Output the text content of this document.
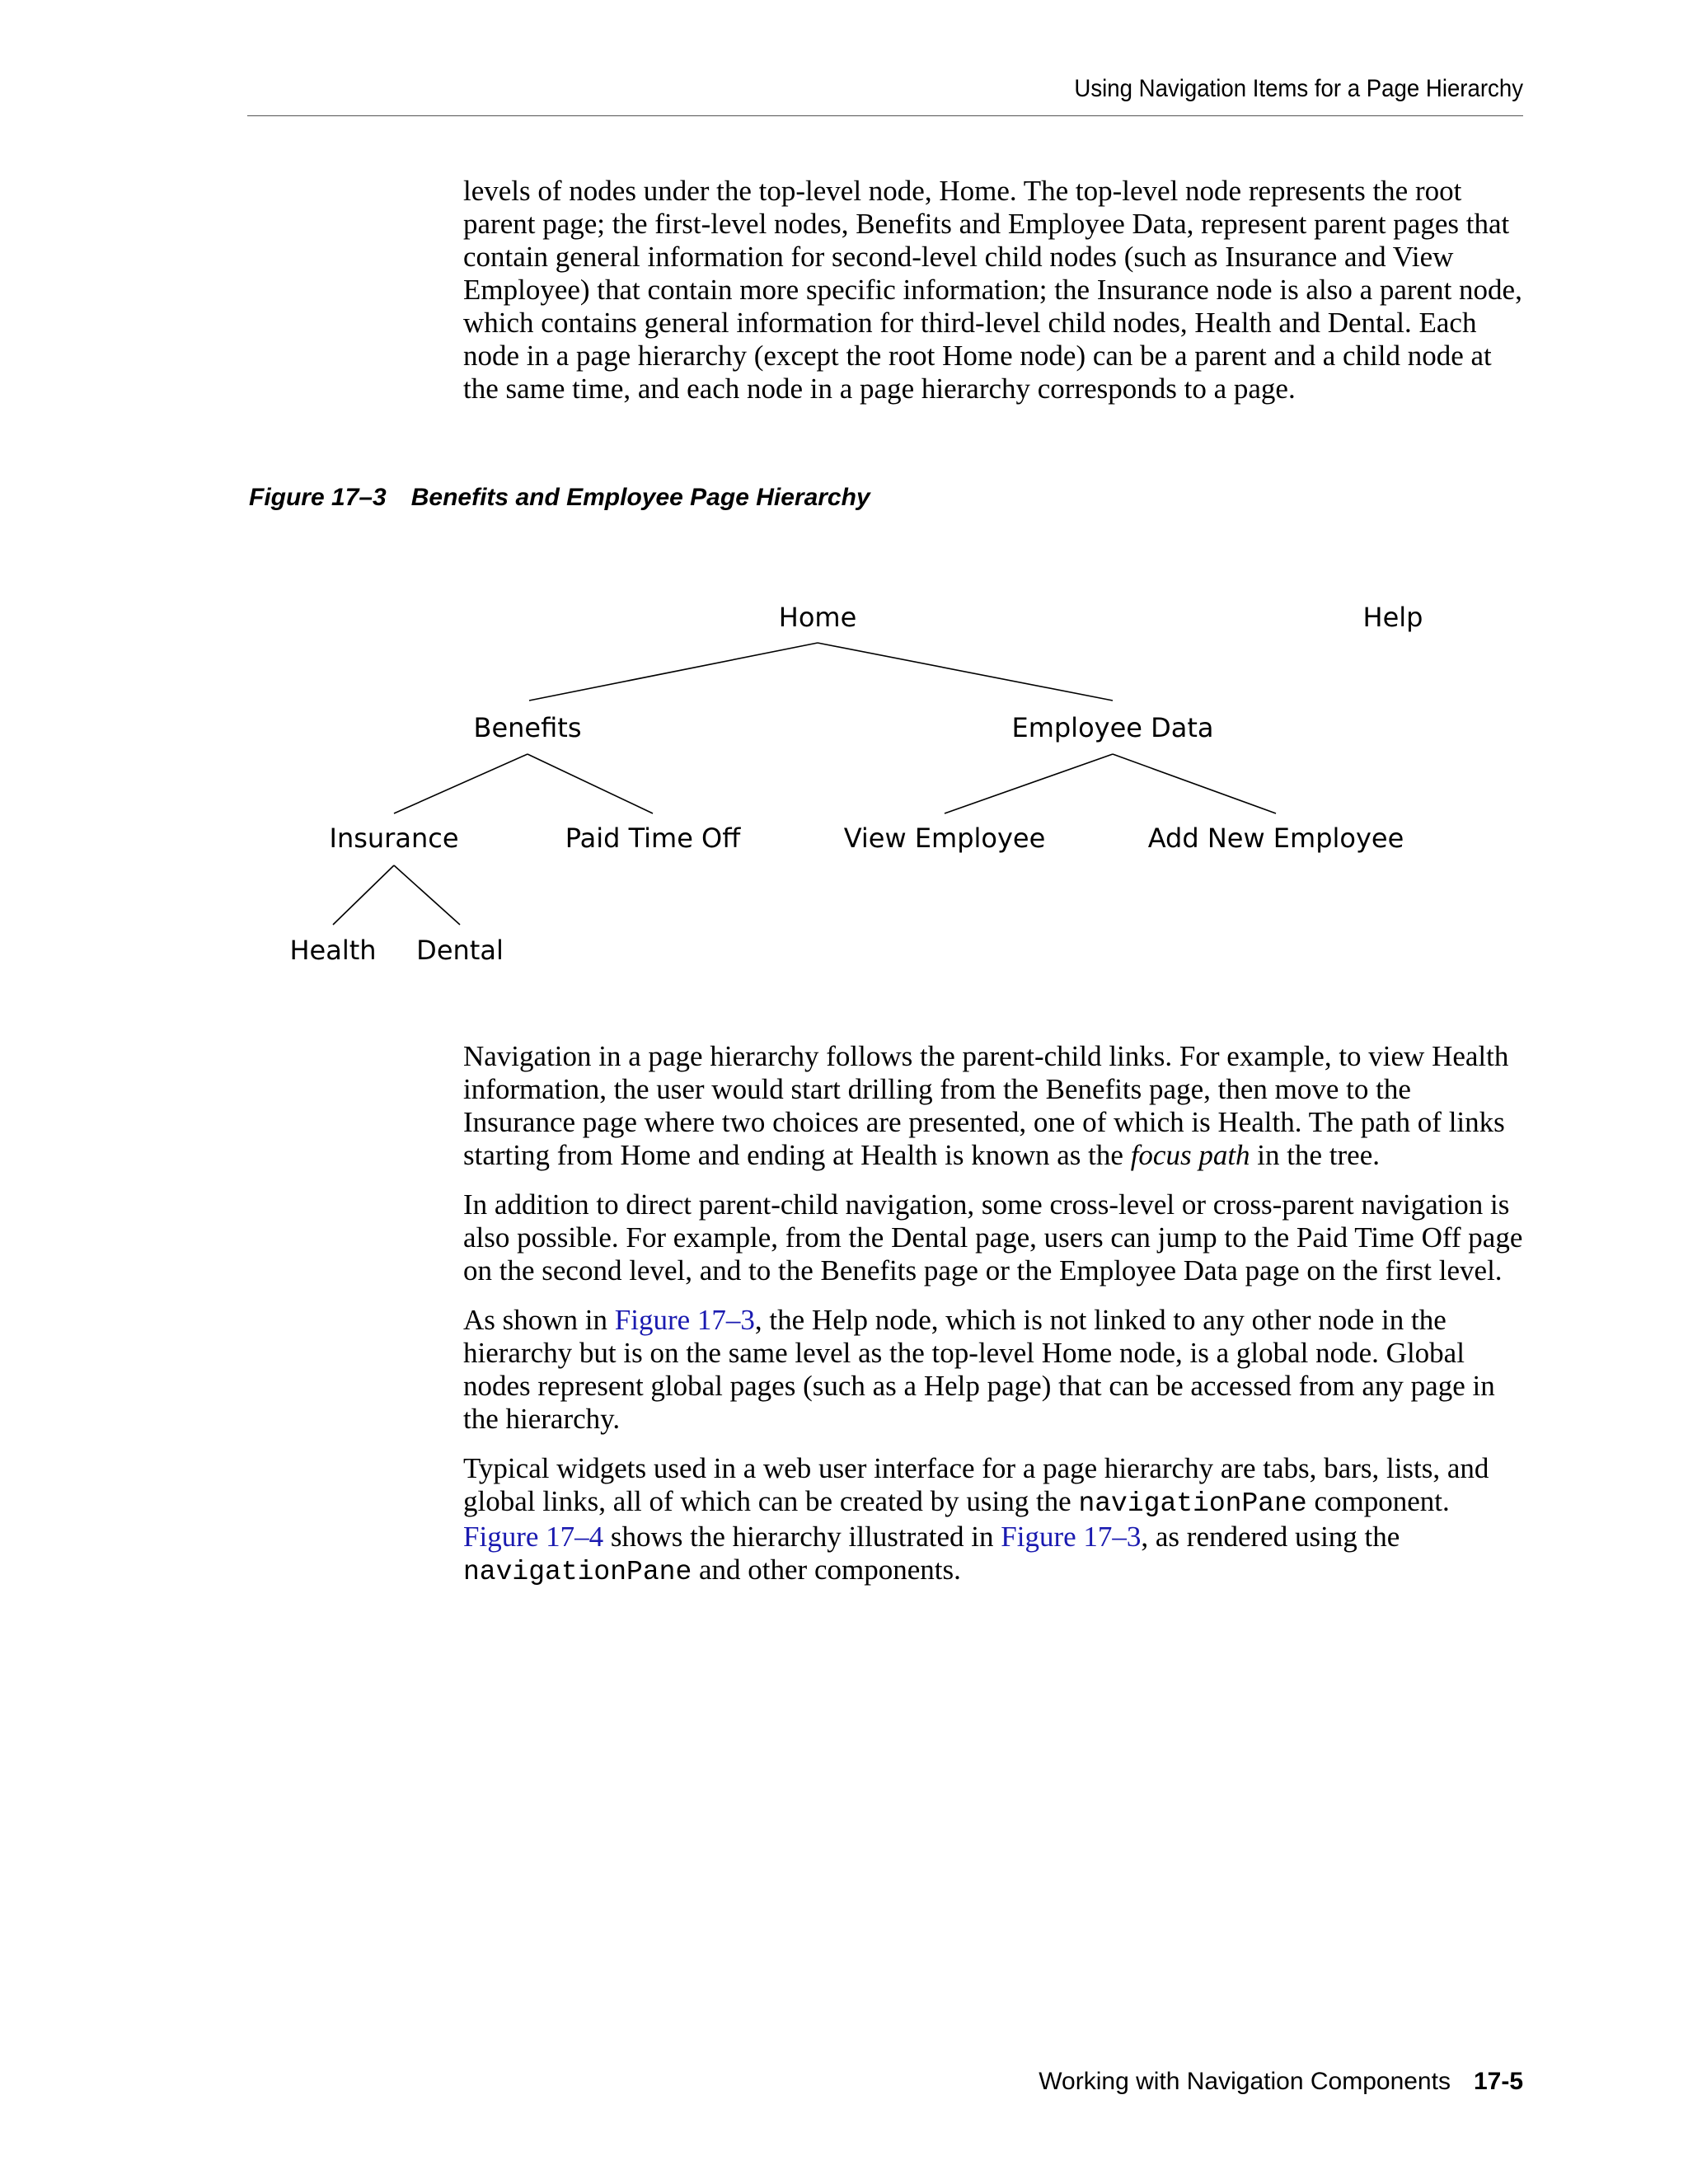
Using Navigation Items for a Page Hierarchy

levels of nodes under the top-level node, Home. The top-level node represents the root parent page; the first-level nodes, Benefits and Employee Data, represent parent pages that contain general information for second-level child nodes (such as Insurance and View Employee) that contain more specific information; the Insurance node is also a parent node, which contains general information for third-level child nodes, Health and Dental. Each node in a page hierarchy (except the root Home node) can be a parent and a child node at the same time, and each node in a page hierarchy corresponds to a page.

Figure 17–3 Benefits and Employee Page Hierarchy
Home	Help
Benefits	Employee Data
Insurance	Paid Time Off	View Employee	Add New Employee
Health Dental

Navigation in a page hierarchy follows the parent-child links. For example, to view Health information, the user would start drilling from the Benefits page, then move to the Insurance page where two choices are presented, one of which is Health. The path of links starting from Home and ending at Health is known as the focus path in the tree.

In addition to direct parent-child navigation, some cross-level or cross-parent navigation is also possible. For example, from the Dental page, users can jump to the Paid Time Off page on the second level, and to the Benefits page or the Employee Data page on the first level.

As shown in Figure 17–3, the Help node, which is not linked to any other node in the hierarchy but is on the same level as the top-level Home node, is a global node. Global nodes represent global pages (such as a Help page) that can be accessed from any page in the hierarchy.

Typical widgets used in a web user interface for a page hierarchy are tabs, bars, lists, and global links, all of which can be created by using the navigationPane component. Figure 17–4 shows the hierarchy illustrated in Figure 17–3, as rendered using the navigationPane and other components.

Working with Navigation Components 17-5
